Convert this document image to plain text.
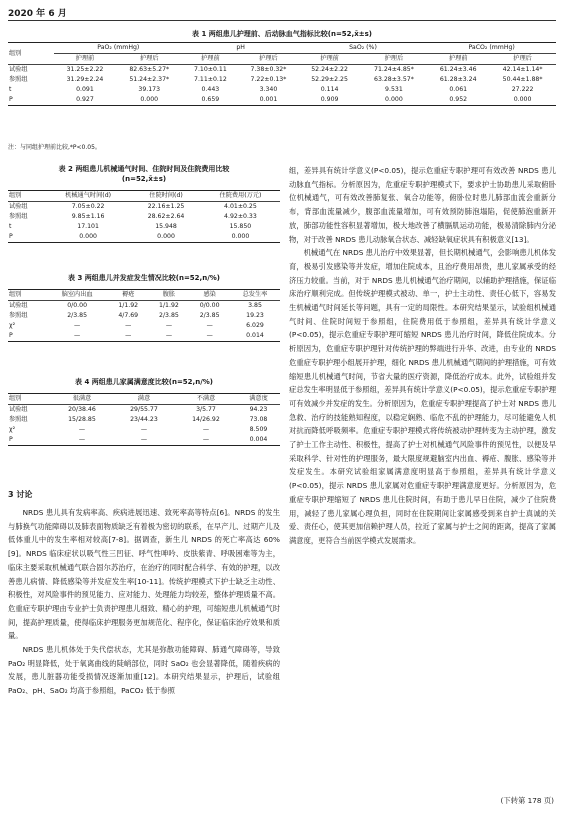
2020 年 6 月
表 1 两组患儿护理前、后动脉血气指标比较(n=52,x̄±s)
组别	PaO₂ (mmHg)		pH		SaO₂ (%)		PaCO₂ (mmHg)	
	护理前	护理后	护理前	护理后	护理前	护理后	护理前	护理后
试验组	31.25±2.22	82.63±5.27*	7.10±0.11	7.38±0.32*	52.24±2.22	71.24±4.85*	61.24±3.46	42.14±1.14*
参照组	31.29±2.24	51.24±2.37*	7.11±0.12	7.22±0.13*	52.29±2.25	63.28±3.57*	61.28±3.24	50.44±1.88*
t	0.091	39.173	0.443	3.340	0.114	9.531	0.061	27.222
P	0.927	0.000	0.659	0.001	0.909	0.000	0.952	0.000
注：与同组护理前比较,*P<0.05。
表 2 两组患儿机械通气时间、住院时间及住院费用比较
(n=52,x̄±s)
组别	机械通气时间(d)	住院时间(d)	住院费用(万元)
试验组	7.05±0.22	22.16±1.25	4.01±0.25
参照组	9.85±1.16	28.62±2.64	4.92±0.33
t	17.101	15.948	15.850
P	0.000	0.000	0.000
表 3 两组患儿并发症发生情况比较(n=52,n/%)
组别	脑室内出血	褥疮	腹胀	感染	总发生率
试验组	0/0.00	1/1.92	1/1.92	0/0.00	3.85
参照组	2/3.85	4/7.69	2/3.85	2/3.85	19.23
χ²	—	—	—	—	6.029
P	—	—	—	—	0.014
表 4 两组患儿家属满意度比较(n=52,n/%)
组别	很满意	满意	不满意	满意度
试验组	20/38.46	29/55.77	3/5.77	94.23
参照组	15/28.85	23/44.23	14/26.92	73.08
χ²	—	—	—	8.509
P	—	—	—	0.004
3 讨论

NRDS 患儿具有发病率高、疾病进展迅速、致死率高等特点[6]。NRDS 的发生与肺换气功能障碍以及肺表面物质缺乏有着极为密切的联系，在早产儿、过期产儿及低体重儿中的发生率相对较高[7-8]。据调查，新生儿 NRDS 的死亡率高达 60%[9]。NRDS 临床症状以吸气性三凹征、呼气性呻吟、皮肤紫青、呼吸困难等为主，临床主要采取机械通气联合固尔苏治疗，在治疗的同时配合科学、有效的护理，以改善患儿病情、降低感染等并发症发生率[10-11]。传统护理模式下护士缺乏主动性、积极性，对风险事件的预见能力、应对能力、处理能力均较差，整体护理质量不高。危重症专职护理由专业护士负责护理患儿细致、精心的护理，可缩短患儿机械通气时间，提高护理质量，使得临床护理服务更加规范化、程序化，保证临床治疗效果和质量。

NRDS 患儿机体处于失代偿状态，尤其是弥散功能障碍、肺通气障碍等，导致 PaO₂ 明显降低，处于氧离曲线的陡峭部位，同时 SaO₂ 也会显著降低，随着疾病的发展，患儿脏器功能受损情况逐渐加重[12]。本研究结果显示，护理后，试验组 PaO₂、pH、SaO₂ 均高于参照组，PaCO₂ 低于参照

组，差异具有统计学意义(P<0.05)，提示危重症专职护理可有效改善 NRDS 患儿动脉血气指标。分析原因为，危重症专职护理模式下，要求护士协助患儿采取俯卧位机械通气，可有效改善肺复张、氧合功能等，俯卧位时患儿肺部血流会重新分布，背部血流量减少，腹部血流量增加，可有效预防肺泡塌陷，促使肺泡重新开放，肺部功能性容积显著增加，极大地改善了横膈肌运动功能，极易清除肺内分泌物，对于改善 NRDS 患儿动脉氧合状态、减轻缺氧症状具有积极意义[13]。

机械通气在 NRDS 患儿治疗中效果显著，但长期机械通气，会影响患儿机体发育，极易引发感染等并发症，增加住院成本，且治疗费用昂贵，患儿家属承受的经济压力较重。当前，对于 NRDS 患儿机械通气治疗期间，以辅助护理措施，保证临床治疗顺利完成。但传统护理模式被动、单一，护士主动性、责任心低下，容易发生机械通气时间延长等问题，具有一定的局限性。本研究结果显示，试验组机械通气时间、住院时间短于参照组，住院费用低于参照组，差异具有统计学意义(P<0.05)，提示危重症专职护理可缩短 NRDS 患儿治疗时间，降低住院成本。分析原因为，危重症专职护理针对传统护理的弊端进行升华、改进，由专业的 NRDS 危重症专职护理小组展开护理，细化 NRDS 患儿机械通气期间的护理措施，可有效缩短患儿机械通气时间，节省大量的医疗资源，降低治疗成本。此外，试验组并发症总发生率明显低于参照组，差异具有统计学意义(P<0.05)，提示危重症专职护理可有效减少并发症的发生。分析原因为，危重症专职护理提高了护士对 NRDS 患儿急救、治疗的技能熟知程度，以稳定娴熟、临危不乱的护理能力，尽可能避免人机对抗而降低呼吸频率。危重症专职护理模式将传统被动护理转变为主动护理，激发了护士工作主动性、积极性，提高了护士对机械通气风险事件的预见性，以便及早采取科学、针对性的护理服务，最大限度规避脑室内出血、褥疮、腹胀、感染等并发症发生。本研究试验组家属满意度明显高于参照组，差异具有统计学意义(P<0.05)，提示 NRDS 患儿家属对危重症专职护理满意度更好。分析原因为，危重症专职护理缩短了 NRDS 患儿住院时间，有助于患儿早日住院，减少了住院费用，减轻了患儿家属心理负担，同时在住院期间让家属感受到来自护士真诚的关爱、责任心，使其更加信赖护理人员，拉近了家属与护士之间的距离，提高了家属满意度，更符合当前医学模式发展需求。

(下转第 178 页)
